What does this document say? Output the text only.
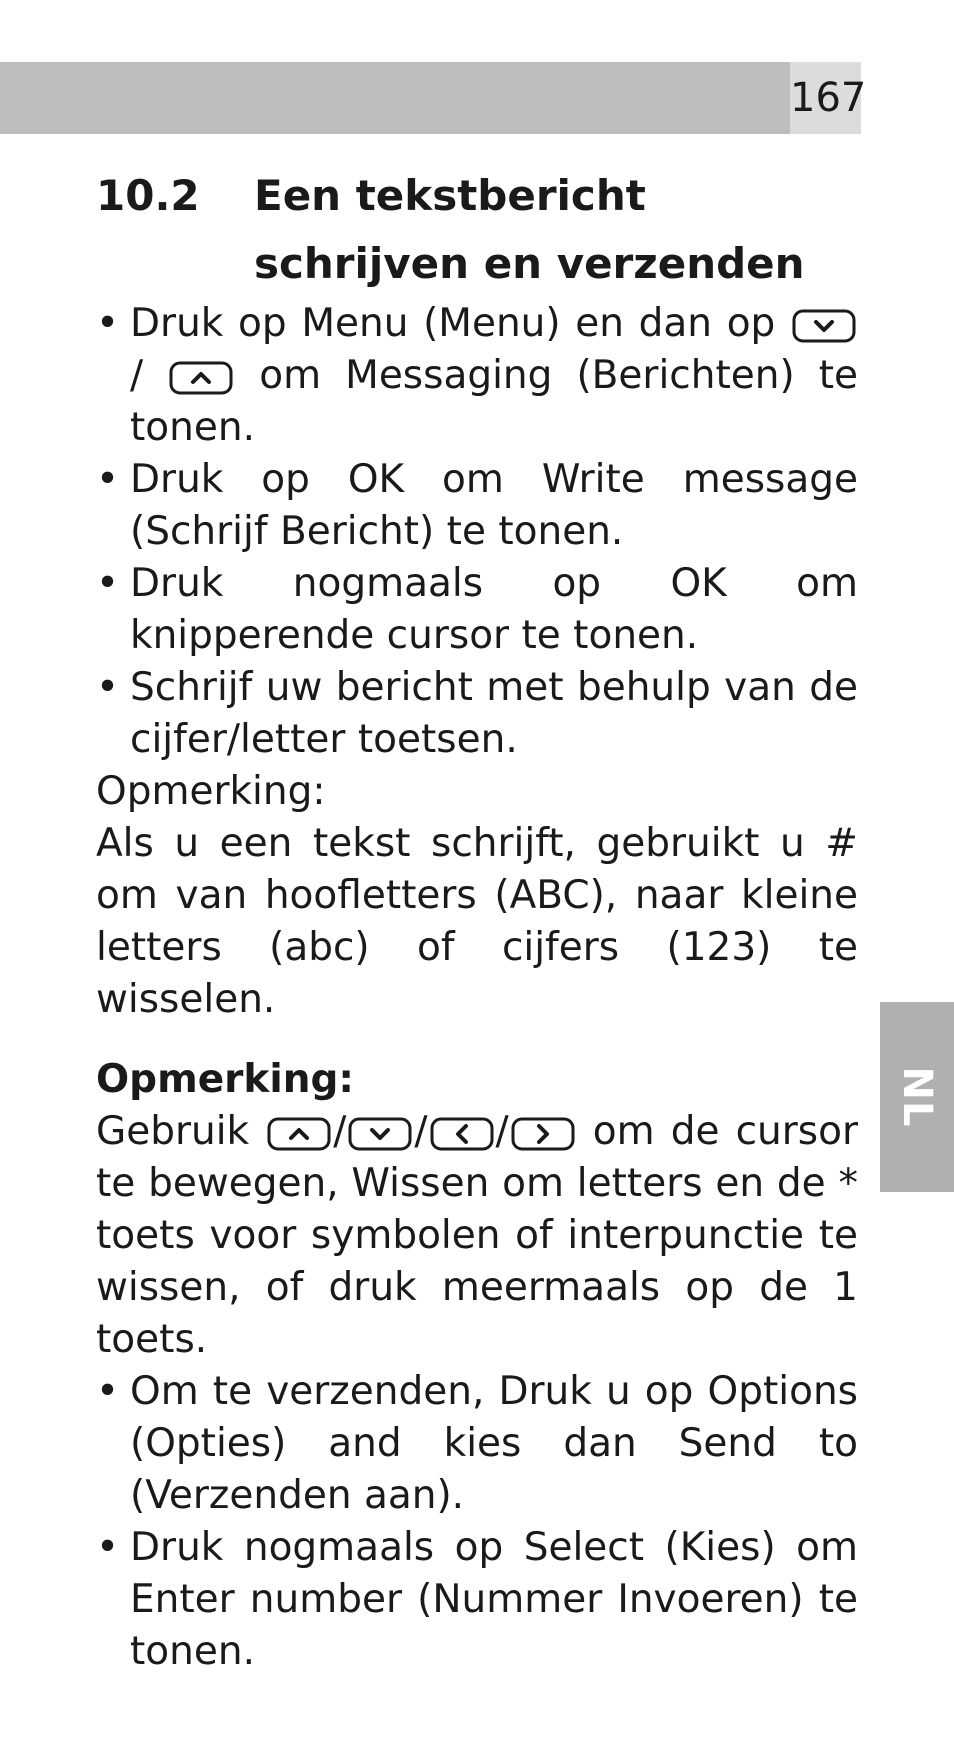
167
NL
10.2	Een tekstbericht schrijven en verzenden
• Druk op Menu (Menu) en dan op
/	om Messaging (Berichten) te tonen.
• Druk op OK om Write message (Schrijf Bericht) te tonen.
• Druk nogmaals op OK om knipperende cursor te tonen.
• Schrijf uw bericht met behulp van de cijfer/letter toetsen.
Opmerking:
Als u een tekst schrijft, gebruikt u # om van hoofletters (ABC), naar kleine letters (abc) of cijfers (123) te wisselen.
Opmerking:
Gebruik / / / om de cursor te bewegen, Wissen om letters en de * toets voor symbolen of interpunctie te wissen, of druk meermaals op de 1 toets.
• Om te verzenden, Druk u op Options (Opties) and kies dan Send to (Verzenden aan).
• Druk nogmaals op Select (Kies) om Enter number (Nummer Invoeren) te tonen.
